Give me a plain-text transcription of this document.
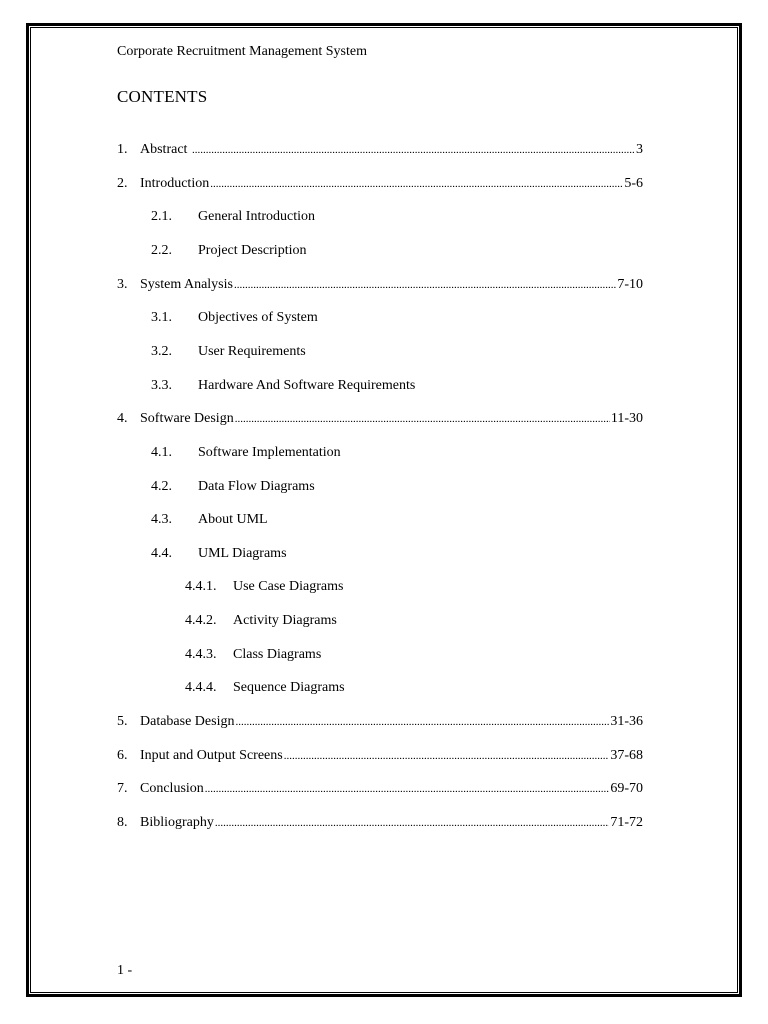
Corporate Recruitment Management System
CONTENTS
1. Abstract .....	3
2. Introduction .....	5-6
2.1. General Introduction
2.2. Project Description
3. System Analysis .....	7-10
3.1. Objectives of System
3.2. User Requirements
3.3. Hardware And Software Requirements
4. Software Design .....	11-30
4.1. Software Implementation
4.2. Data Flow Diagrams
4.3. About UML
4.4. UML Diagrams
4.4.1. Use Case Diagrams
4.4.2. Activity Diagrams
4.4.3. Class Diagrams
4.4.4. Sequence Diagrams
5. Database Design .....	31-36
6. Input and Output Screens .....	37-68
7. Conclusion .....	69-70
8. Bibliography .....	71-72
1 -
